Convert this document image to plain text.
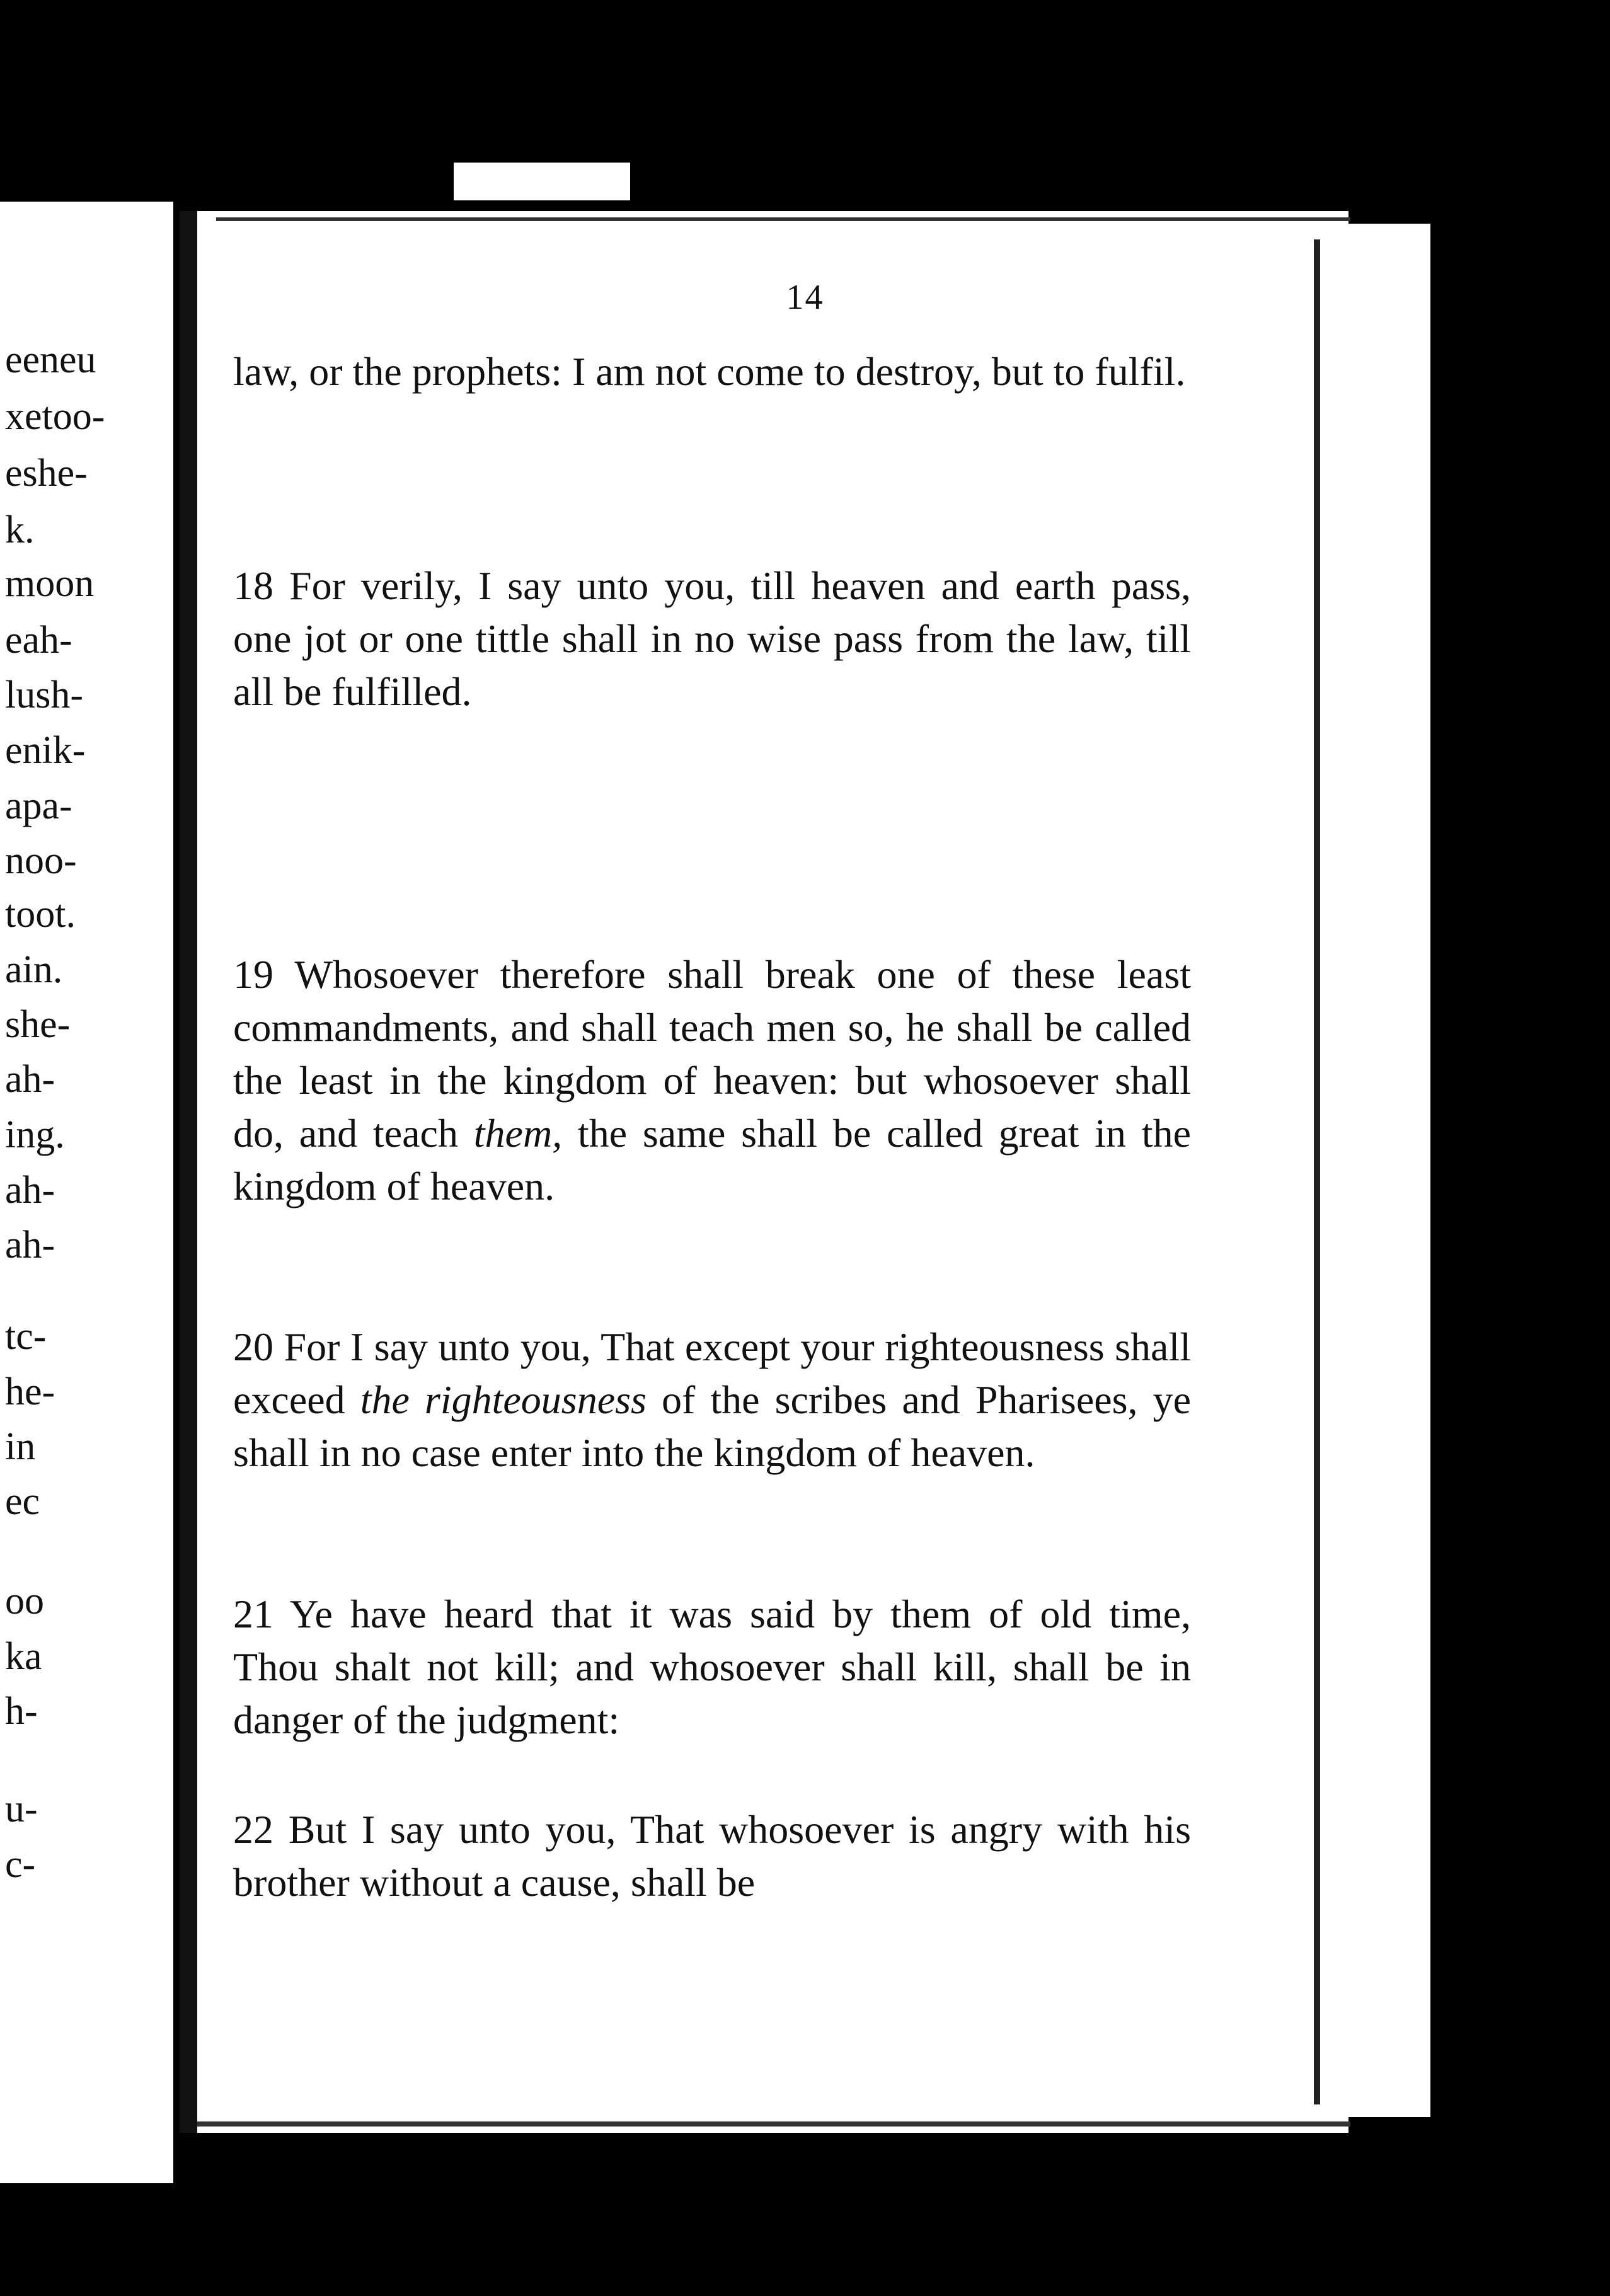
eeneu
xetoo-
eshe-
k.
moon
eah-
lush-
enik-
apa-
noo-
toot.
ain.
she-
ah-
ing.
ah-
ah-
tc-
he-
in
ec
oo
ka
h-
u-
c-
14

law, or the prophets: I am not come to destroy, but to fulfil.

18 For verily, I say unto you, till heaven and earth pass, one jot or one tittle shall in no wise pass from the law, till all be fulfilled.

19 Whosoever therefore shall break one of these least commandments, and shall teach men so, he shall be called the least in the kingdom of heaven: but whosoever shall do, and teach them, the same shall be called great in the kingdom of heaven.

20 For I say unto you, That except your righteousness shall exceed the righteousness of the scribes and Pharisees, ye shall in no case enter into the kingdom of heaven.

21 Ye have heard that it was said by them of old time, Thou shalt not kill; and whosoever shall kill, shall be in danger of the judgment:

22 But I say unto you, That whosoever is angry with his brother without a cause, shall be
